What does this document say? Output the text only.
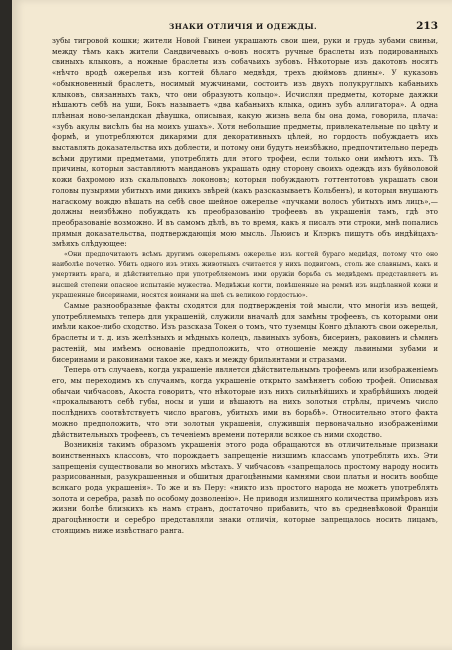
ЗНАКИ ОТЛИЧІЯ И ОДЕЖДЫ.	213

зубы тигровой кошки; жители Новой Гвинеи украшають свои шеи, руки и грудь зубами свиньи, между тѣмъ какъ жители Сандвичевыхъ о-вовъ носятъ ручные браслеты изъ подированныхъ свиныхъ клыковъ, а ножные браслеты изъ собачьихъ зубовъ. Нѣкоторые изъ дакотовъ носятъ «нѣчто вродѣ ожерелья изъ когтей бѣлаго медвѣдя, трехъ дюймовъ длины». У куказовъ «обыкновенный браслетъ, носимый мужчинами, состоитъ изъ двухъ полукруглыхъ кабаньихъ клыковъ, связанныхъ такъ, что они образуютъ кольцо». Исчисляя предметы, которые даяжки нѣшаютъ себѣ на уши, Бокъ называетъ «два кабаньихъ клыка, одинъ зубъ аллигатора». А одна плѣнная ново-зеландская дѣвушка, описывая, какую жизнь вела бы она дома, говорила, плача: «зубъ акулы висѣлъ бы на моихъ ушахъ». Хотя небольшие предметы, привлекательные по цвѣту и формѣ, и употребляются дикарями для декоративныхъ цѣлей, но гордость побуждаетъ ихъ выставлять доказательства ихъ доблести, и потому они будутъ неизбѣжно, предпочтительно передъ всѣми другими предметами, употреблять для этого трофеи, если только они имѣютъ ихъ. Тѣ причины, которыя заставляютъ мандановъ украшать одну сторону своихъ одеждъ изъ буйволовой кожи бахромою изъ скальповыхъ локоновъ; которыя побуждаютъ готтентотовъ украшать свои головы пузырями убитыхъ ими дикихъ звѣрей (какъ разсказываетъ Кольбенъ), и которыя внушаютъ нагаскому вождю вѣшать на себѣ свое шейное ожерелье «пучками волосъ убитыхъ имъ лицъ»,—должны неизбѣжно побуждать къ преобразованію трофеевъ въ украшенія тамъ, гдѣ это преобразованіе возможно. И въ самомъ дѣлѣ, въ то время, какъ я писалъ эти строки, мнѣ попались прямыя доказательства, подтверждающія мою мысль. Льюисъ и Клэркъ пишутъ объ индѣйцахъ-змѣяхъ слѣдующее:

«Они предпочитаютъ всѣмъ другимъ ожерельямъ ожерелье изъ когтей бураго медвѣдя, потому что оно наиболѣе почетно. Убить одного изъ этихъ животныхъ считается у нихъ подвигомъ, столь же славнымъ, какъ и умертвить врага, и дѣйствительно при употребляемомъ ими оружіи борьба съ медвѣдемъ представляетъ въ высшей степени опасное испытаніе мужества. Медвѣжьи когти, повѣшенные на ремнѣ изъ выдѣланной кожи и украшенные бисеринами, носятся воинами на шеѣ съ великою гордостью».

Самые разнообразные факты сходятся для подтвержденія той мысли, что многія изъ вещей, употребляемыхъ теперь для украшеній, служили вначалѣ для замѣны трофеевъ, съ которыми они имѣли какое-либо сходство. Изъ разсказа Токея о томъ, что туземцы Конго дѣлаютъ свои ожерелья, браслеты и т. д. изъ желѣзныхъ и мѣдныхъ колецъ, львиныхъ зубовъ, бисеринъ, раковинъ и сѣмянъ растеній, мы имѣемъ основаніе предположить, что отношеніе между львиными зубами и бисеринами и раковинами такое же, какъ и между брильянтами и стразами.

Теперь отъ случаевъ, когда украшеніе является дѣйствительнымъ трофеемъ или изображеніемъ его, мы переходимъ къ случаямъ, когда украшеніе открыто замѣняетъ собою трофей. Описывая обычаи чибчасовъ, Акоста говоритъ, что нѣкоторые изъ нихъ сильнѣйшихъ и храбрѣйшихъ людей «прокалываютъ себѣ губы, носы и уши и вѣшаютъ на нихъ золотыя стрѣлы, причемъ число послѣднихъ соотвѣтствуетъ число враговъ, убитыхъ ими въ борьбѣ». Относительно этого факта можно предположить, что эти золотыя украшенія, служившія первоначально изображеніями дѣйствительныхъ трофеевъ, съ теченіемъ времени потеряли всякое съ ними сходство.

Возникнія такимъ образомъ украшенія этого рода обращаются въ отличительные признаки воинственныхъ классовъ, что порождаетъ запрещеніе низшимъ классамъ употреблять ихъ. Эти запрещенія существовали во многихъ мѣстахъ. У чибчасовъ «запрещалось простому народу носить разрисованныя, разукрашенныя и обшитыя драгоцѣнными камнями свои платья и носить вообще всякаго рода украшенія». То же и въ Перу: «никто изъ простого народа не можетъ употреблять золота и серебра, развѣ по особому дозволенію». Не приводя излишняго количества примѣровъ изъ жизни болѣе близкихъ къ намъ странъ, достаточно прибавить, что въ средневѣковой Франціи драгоцѣнности и серебро представляли знаки отличія, которые запрещалось носить лицамъ, стоящимъ ниже извѣстнаго ранга.
